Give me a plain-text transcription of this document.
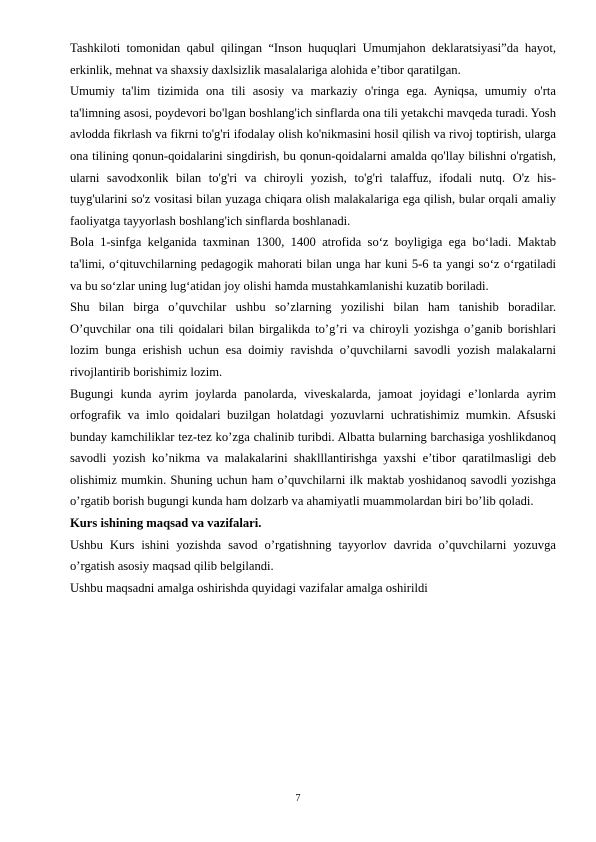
Tashkiloti tomonidan qabul qilingan “Inson huquqlari Umumjahon deklaratsiyasi”da hayot, erkinlik, mehnat va shaxsiy daxlsizlik masalalariga alohida e’tibor qaratilgan.

Umumiy ta'lim tizimida ona tili asosiy va markaziy o'ringa ega. Ayniqsa, umumiy o'rta ta'limning asosi, poydevori bo'lgan boshlang'ich sinflarda ona tili yetakchi mavqeda turadi. Yosh avlodda fikrlash va fikrni to'g'ri ifodalay olish ko'nikmasini hosil qilish va rivoj toptirish, ularga ona tilining qonun-qoidalarini singdirish, bu qonun-qoidalarni amalda qo'llay bilishni o'rgatish, ularni savodxonlik bilan to'g'ri va chiroyli yozish, to'g'ri talaffuz, ifodali nutq. O'z his- tuyg'ularini so'z vositasi bilan yuzaga chiqara olish malakalariga ega qilish, bular orqali amaliy faoliyatga tayyorlash boshlang'ich sinflarda boshlanadi.

Bola 1-sinfga kelganida taxminan 1300, 1400 atrofida so‘z boyligiga ega bo‘ladi. Maktab ta'limi, o‘qituvchilarning pedagogik mahorati bilan unga har kuni 5-6 ta yangi so‘z o‘rgatiladi va bu so‘zlar uning lug‘atidan joy olishi hamda mustahkamlanishi kuzatib boriladi.

Shu bilan birga o’quvchilar ushbu so’zlarning yozilishi bilan ham tanishib boradilar. O’quvchilar ona tili qoidalari bilan birgalikda to’g’ri va chiroyli yozishga o’ganib borishlari lozim bunga erishish uchun esa doimiy ravishda o’quvchilarni savodli yozish malakalarni rivojlantirib borishimiz lozim.

Bugungi kunda ayrim joylarda panolarda, viveskalarda, jamoat joyidagi e’lonlarda ayrim orfografik va imlo qoidalari buzilgan holatdagi yozuvlarni uchratishimiz mumkin. Afsuski bunday kamchiliklar tez-tez ko’zga chalinib turibdi. Albatta bularning barchasiga yoshlikdanoq savodli yozish ko’nikma va malakalarini shaklllantirishga yaxshi e’tibor qaratilmasligi deb olishimiz mumkin. Shuning uchun ham o’quvchilarni ilk maktab yoshidanoq savodli yozishga o’rgatib borish bugungi kunda ham dolzarb va ahamiyatli muammolardan biri bo’lib qoladi.

Kurs ishining maqsad va vazifalari.

Ushbu Kurs ishini yozishda savod o’rgatishning tayyorlov davrida o’quvchilarni yozuvga o’rgatish asosiy maqsad qilib belgilandi.

Ushbu maqsadni amalga oshirishda quyidagi vazifalar amalga oshirildi

7
